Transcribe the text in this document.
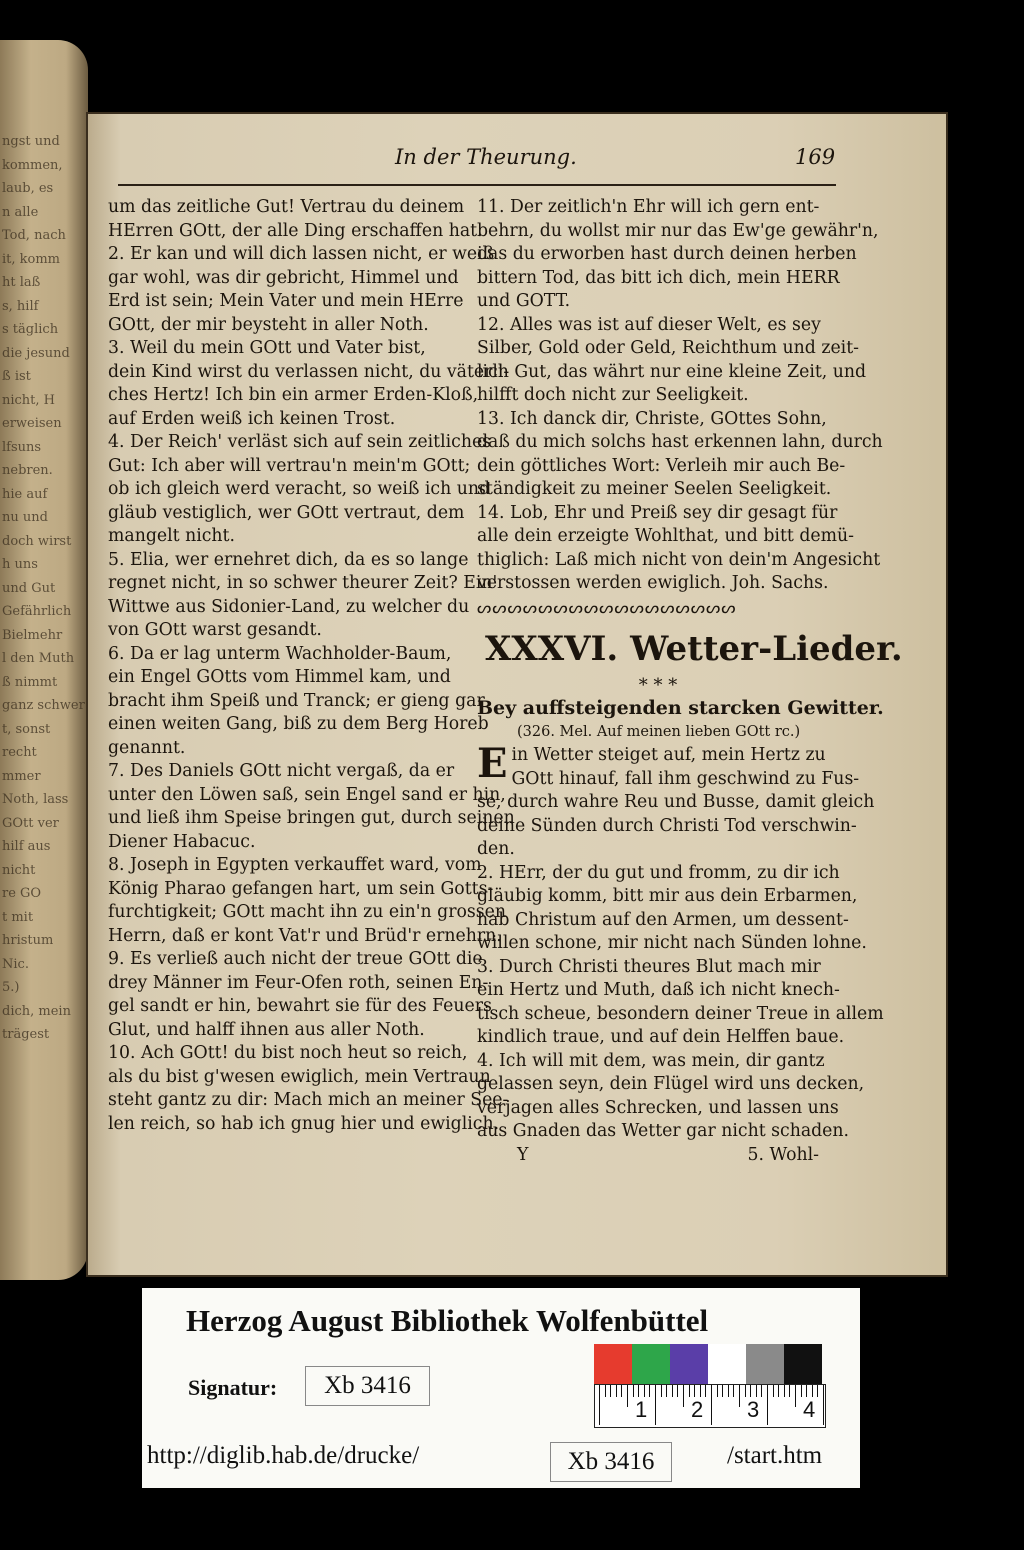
ngst und
kommen,
laub, es
n alle
Tod, nach
it, komm
ht laß
s, hilf
s täglich
die jesund
ß ist
nicht, H
erweisen
lfsuns
nebren.
hie auf
nu und
doch wirst
h uns
und Gut
Gefährlich
Bielmehr
l den Muth
ß nimmt
ganz schwer
t, sonst
recht
mmer
Noth, lass
GOtt ver
hilf aus
nicht
re GO
t mit
hristum
Nic.
5.)
dich, mein
trägest
In der Theurung.	169

um das zeitliche Gut! Vertrau du deinem

HErren GOtt, der alle Ding erschaffen hat.

2. Er kan und will dich lassen nicht, er weiß

gar wohl, was dir gebricht, Himmel und

Erd ist sein; Mein Vater und mein HErre

GOtt, der mir beysteht in aller Noth.

3. Weil du mein GOtt und Vater bist,

dein Kind wirst du verlassen nicht, du väterli-

ches Hertz! Ich bin ein armer Erden-Kloß,

auf Erden weiß ich keinen Trost.

4. Der Reich' verläst sich auf sein zeitliches

Gut: Ich aber will vertrau'n mein'm GOtt;

ob ich gleich werd veracht, so weiß ich und

gläub vestiglich, wer GOtt vertraut, dem

mangelt nicht.

5. Elia, wer ernehret dich, da es so lange

regnet nicht, in so schwer theurer Zeit? Ein'

Wittwe aus Sidonier-Land, zu welcher du

von GOtt warst gesandt.

6. Da er lag unterm Wachholder-Baum,

ein Engel GOtts vom Himmel kam, und

bracht ihm Speiß und Tranck; er gieng gar

einen weiten Gang, biß zu dem Berg Horeb

genannt.

7. Des Daniels GOtt nicht vergaß, da er

unter den Löwen saß, sein Engel sand er hin,

und ließ ihm Speise bringen gut, durch seinen

Diener Habacuc.

8. Joseph in Egypten verkauffet ward, vom

König Pharao gefangen hart, um sein Gotts-

furchtigkeit; GOtt macht ihn zu ein'n grossen

Herrn, daß er kont Vat'r und Brüd'r ernehrn.

9. Es verließ auch nicht der treue GOtt die

drey Männer im Feur-Ofen roth, seinen En-

gel sandt er hin, bewahrt sie für des Feuers

Glut, und halff ihnen aus aller Noth.

10. Ach GOtt! du bist noch heut so reich,

als du bist g'wesen ewiglich, mein Vertraun

steht gantz zu dir: Mach mich an meiner See-

len reich, so hab ich gnug hier und ewiglich.

11. Der zeitlich'n Ehr will ich gern ent-

behrn, du wollst mir nur das Ew'ge gewähr'n,

das du erworben hast durch deinen herben

bittern Tod, das bitt ich dich, mein HERR

und GOTT.

12. Alles was ist auf dieser Welt, es sey

Silber, Gold oder Geld, Reichthum und zeit-

lich Gut, das währt nur eine kleine Zeit, und

hilfft doch nicht zur Seeligkeit.

13. Ich danck dir, Christe, GOttes Sohn,

daß du mich solchs hast erkennen lahn, durch

dein göttliches Wort: Verleih mir auch Be-

ständigkeit zu meiner Seelen Seeligkeit.

14. Lob, Ehr und Preiß sey dir gesagt für

alle dein erzeigte Wohlthat, und bitt demü-

thiglich: Laß mich nicht von dein'm Angesicht

verstossen werden ewiglich. Joh. Sachs.

ᔕᔕᔕᔕᔕᔕᔕᔕᔕᔕᔕᔕᔕᔕᔕᔕᔕ

XXXVI. Wetter-Lieder.

* * *

Bey auffsteigenden starcken Gewitter.

(326. Mel. Auf meinen lieben GOtt rc.)

E in Wetter steiget auf, mein Hertz zu

GOtt hinauf, fall ihm geschwind zu Fus-

se, durch wahre Reu und Busse, damit gleich

deine Sünden durch Christi Tod verschwin-

den.

2. HErr, der du gut und fromm, zu dir ich

gläubig komm, bitt mir aus dein Erbarmen,

hab Christum auf den Armen, um dessent-

willen schone, mir nicht nach Sünden lohne.

3. Durch Christi theures Blut mach mir

ein Hertz und Muth, daß ich nicht knech-

tisch scheue, besondern deiner Treue in allem

kindlich traue, und auf dein Helffen baue.

4. Ich will mit dem, was mein, dir gantz

gelassen seyn, dein Flügel wird uns decken,

verjagen alles Schrecken, und lassen uns

aus Gnaden das Wetter gar nicht schaden.

Y	5. Wohl-

Herzog August Bibliothek Wolfenbüttel
Signatur:	Xb 3416
http://diglib.hab.de/drucke/	Xb 3416	/start.htm
1 2 3 4
